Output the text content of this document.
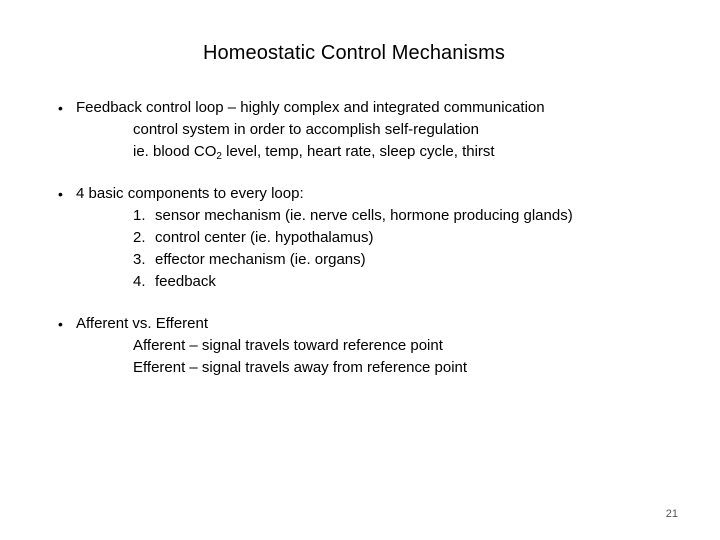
Homeostatic Control Mechanisms
• Feedback control loop – highly complex and integrated communication
control system in order to accomplish self-regulation
ie. blood $CO_2$ level, temp, heart rate, sleep cycle, thirst
• 4 basic components to every loop:
1. sensor mechanism (ie. nerve cells, hormone producing glands)
2. control center (ie. hypothalamus)
3. effector mechanism (ie. organs)
4. feedback
• Afferent vs. Efferent
Afferent – signal travels toward reference point
Efferent – signal travels away from reference point
21
